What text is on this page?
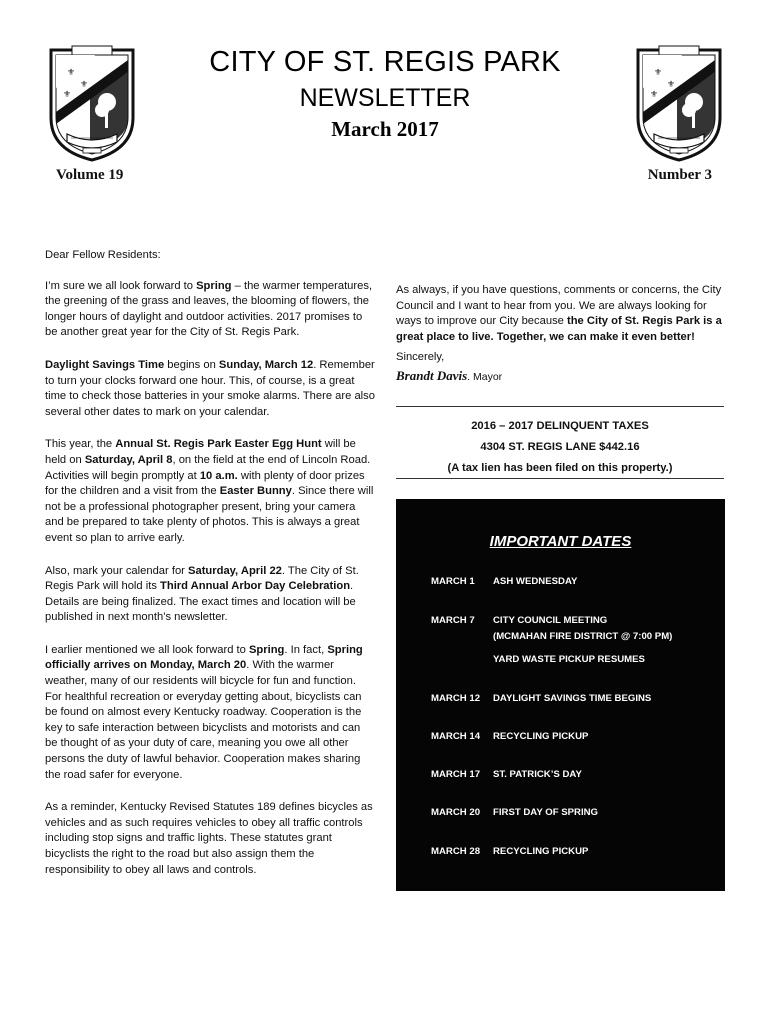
⚜
⚜
⚜
⚜
⚜
⚜
⚜
⚜
CITY OF ST. REGIS PARK
NEWSLETTER
March 2017
Volume 19	Number 3

Dear Fellow Residents:

I’m sure we all look forward to Spring – the warmer temperatures, the greening of the grass and leaves, the blooming of flowers, the longer hours of daylight and outdoor activities. 2017 promises to be another great year for the City of St. Regis Park.

Daylight Savings Time begins on Sunday, March 12. Remember to turn your clocks forward one hour. This, of course, is a great time to check those batteries in your smoke alarms. There are also several other dates to mark on your calendar.

This year, the Annual St. Regis Park Easter Egg Hunt will be held on Saturday, April 8, on the field at the end of Lincoln Road. Activities will begin promptly at 10 a.m. with plenty of door prizes for the children and a visit from the Easter Bunny. Since there will not be a professional photographer present, bring your camera and be prepared to take plenty of photos. This is always a great event so plan to arrive early.

Also, mark your calendar for Saturday, April 22. The City of St. Regis Park will hold its Third Annual Arbor Day Celebration. Details are being finalized. The exact times and location will be published in next month’s newsletter.

I earlier mentioned we all look forward to Spring. In fact, Spring officially arrives on Monday, March 20. With the warmer weather, many of our residents will bicycle for fun and function. For healthful recreation or everyday getting about, bicyclists can be found on almost every Kentucky roadway. Cooperation is the key to safe interaction between bicyclists and motorists and can be thought of as your duty of care, meaning you owe all other persons the duty of lawful behavior. Cooperation makes sharing the road safer for everyone.

As a reminder, Kentucky Revised Statutes 189 defines bicycles as vehicles and as such requires vehicles to obey all traffic controls including stop signs and traffic lights. These statutes grant bicyclists the right to the road but also assign them the responsibility to obey all laws and controls.

As always, if you have questions, comments or concerns, the City Council and I want to hear from you. We are always looking for ways to improve our City because the City of St. Regis Park is a great place to live. Together, we can make it even better!

Sincerely,
Brandt Davis. Mayor

2016 – 2017 DELINQUENT TAXES
4304 ST. REGIS LANE $442.16
(A tax lien has been filed on this property.)
IMPORTANT DATES
MARCH 1 ASH WEDNESDAY
MARCH 7 CITY COUNCIL MEETING
(MCMAHAN FIRE DISTRICT @ 7:00 PM)
YARD WASTE PICKUP RESUMES
MARCH 12 DAYLIGHT SAVINGS TIME BEGINS
MARCH 14 RECYCLING PICKUP
MARCH 17 ST. PATRICK’S DAY
MARCH 20 FIRST DAY OF SPRING
MARCH 28 RECYCLING PICKUP
